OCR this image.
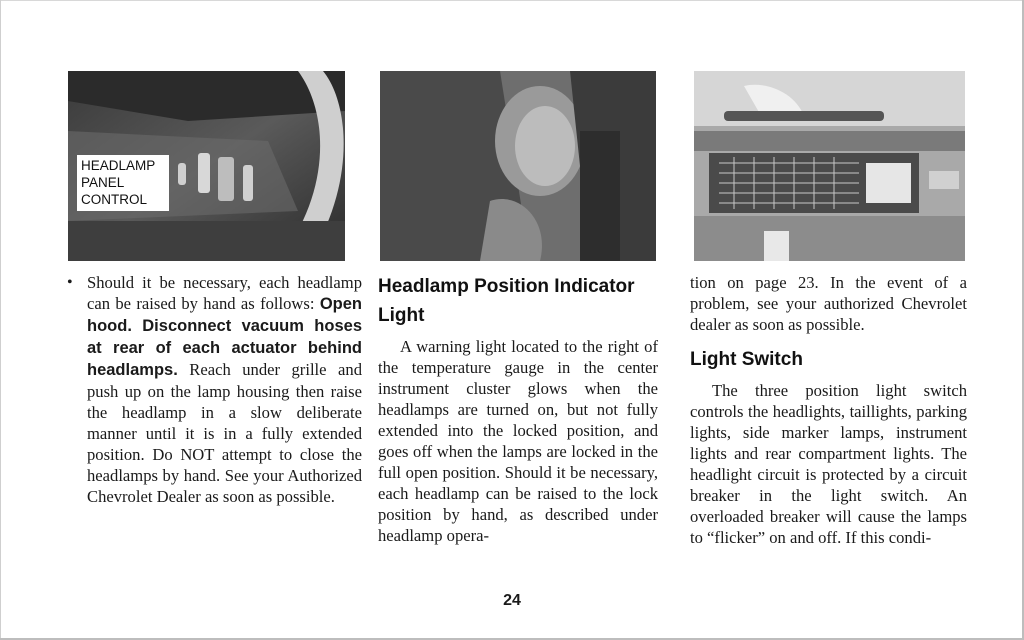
HEADLAMP
PANEL
CONTROL

• Should it be necessary, each headlamp can be raised by hand as follows: Open hood. Disconnect vacuum hoses at rear of each actuator behind headlamps. Reach under grille and push up on the lamp housing then raise the headlamp in a slow deliberate manner until it is in a fully extended position. Do NOT attempt to close the headlamps by hand. See your Authorized Chevrolet Dealer as soon as possible.

Headlamp Position Indicator Light

A warning light located to the right of the temperature gauge in the center instrument cluster glows when the headlamps are turned on, but not fully extended into the locked position, and goes off when the lamps are locked in the full open position. Should it be necessary, each headlamp can be raised to the lock position by hand, as described under headlamp opera-

tion on page 23. In the event of a problem, see your authorized Chevrolet dealer as soon as possible.

Light Switch

The three position light switch controls the headlights, taillights, parking lights, side marker lamps, instrument lights and rear compartment lights. The headlight circuit is protected by a circuit breaker in the light switch. An overloaded breaker will cause the lamps to “flicker” on and off. If this condi-

24
